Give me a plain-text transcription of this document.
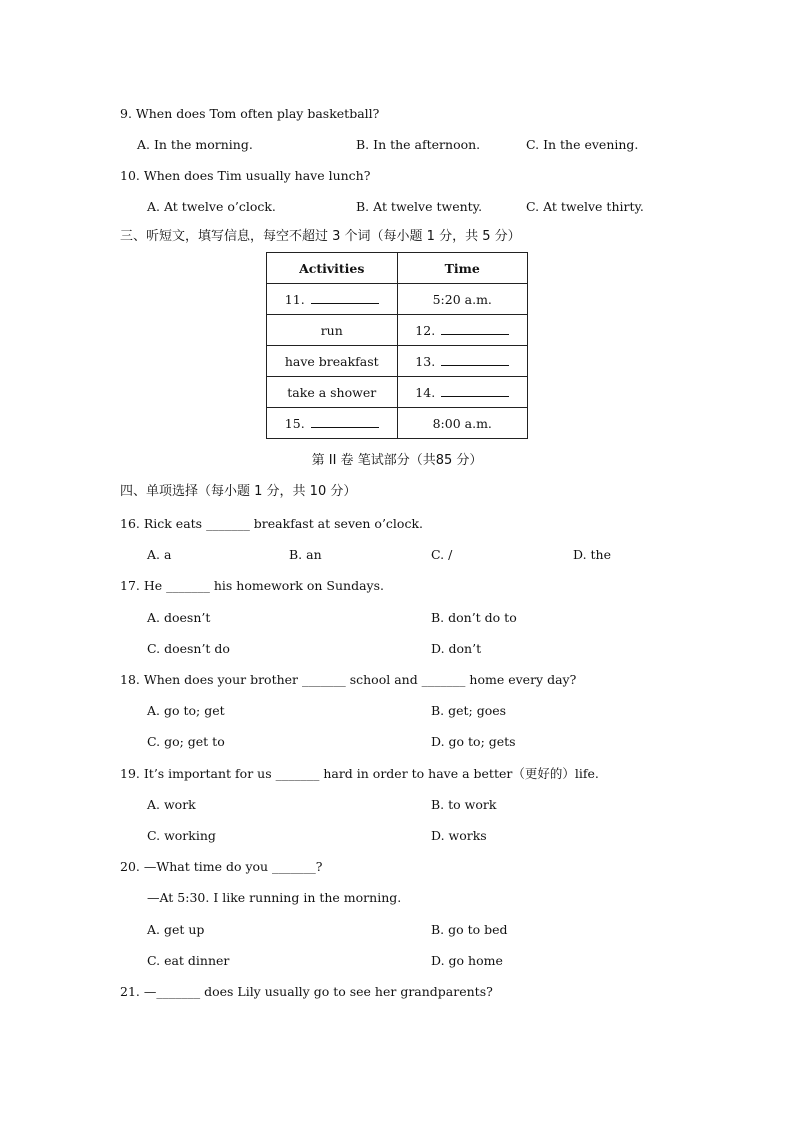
9. When does Tom often play basketball?
A. In the morning.	B. In the afternoon.	C. In the evening.
10. When does Tim usually have lunch?
A. At twelve o’clock.	B. At twelve twenty.	C. At twelve thirty.
三、听短文，填写信息，每空不超过 3 个词（每小题 1 分，共 5 分）
Activities	Time
11.	5:20 a.m.
run	12.
have breakfast	13.
take a shower	14.
15.	8:00 a.m.
第 II 卷 笔试部分（共85 分）
四、单项选择（每小题 1 分，共 10 分）
16. Rick eats _______ breakfast at seven o’clock.
A. a	B. an	C. /	D. the
17. He _______ his homework on Sundays.
A. doesn’t	B. don’t do to
C. doesn’t do	D. don’t
18. When does your brother _______ school and _______ home every day?
A. go to; get	B. get; goes
C. go; get to	D. go to; gets
19. It’s important for us _______ hard in order to have a better（更好的）life.
A. work	B. to work
C. working	D. works
20. —What time do you _______?
—At 5:30. I like running in the morning.
A. get up	B. go to bed
C. eat dinner	D. go home
21. —_______ does Lily usually go to see her grandparents?
